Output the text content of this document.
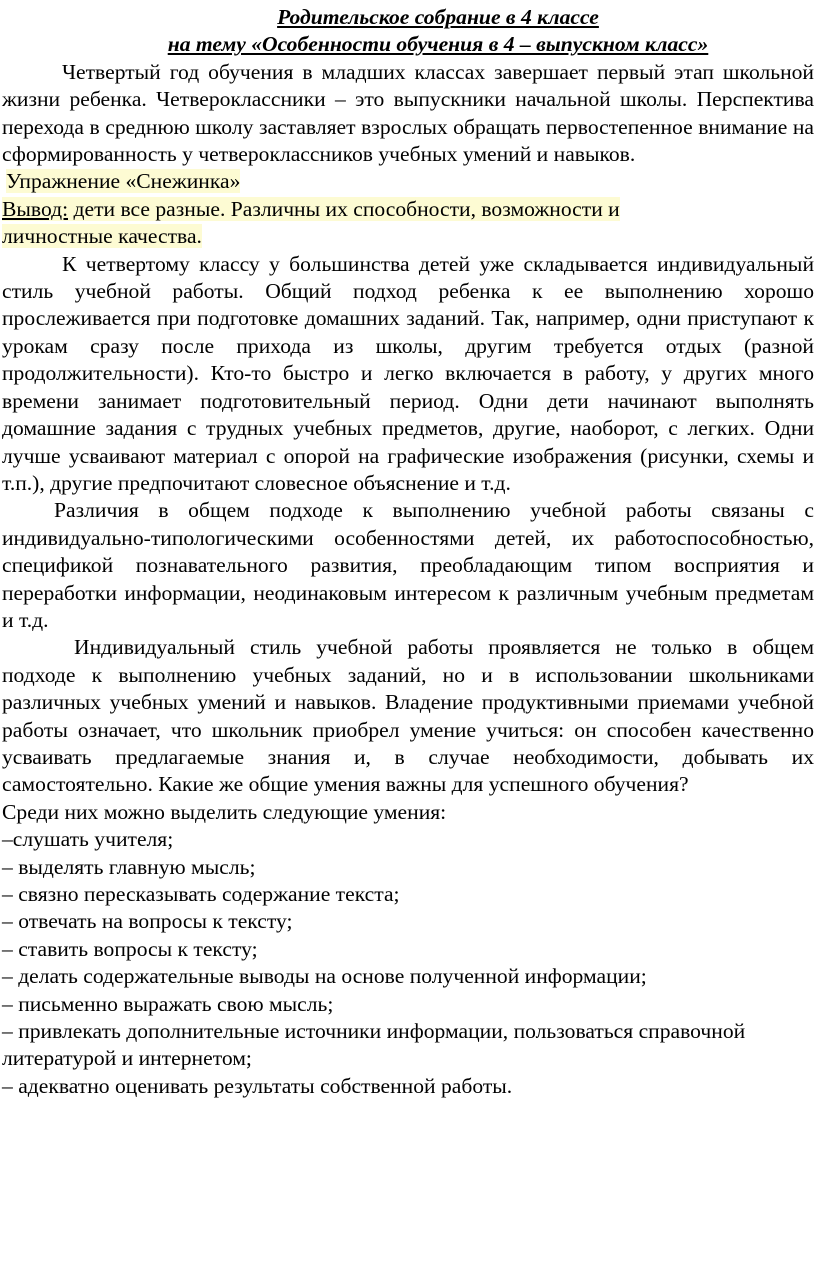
Родительское собрание в 4 классе
на тему «Особенности обучения в 4 – выпускном класс»

Четвертый год обучения в младших классах завершает первый этап школьной жизни ребенка. Четвероклассники – это выпускники начальной школы. Перспектива перехода в среднюю школу заставляет взрослых обращать первостепенное внимание на сформированность у четвероклассников учебных умений и навыков.

Упражнение «Снежинка»
Вывод: дети все разные. Различны их способности, возможности и
личностные качества.

К четвертому классу у большинства детей уже складывается индивидуальный стиль учебной работы. Общий подход ребенка к ее выполнению хорошо прослеживается при подготовке домашних заданий. Так, например, одни приступают к урокам сразу после прихода из школы, другим требуется отдых (разной продолжительности). Кто-то быстро и легко включается в работу, у других много времени занимает подготовительный период. Одни дети начинают выполнять домашние задания с трудных учебных предметов, другие, наоборот, с легких. Одни лучше усваивают материал с опорой на графические изображения (рисунки, схемы и т.п.), другие предпочитают словесное объяснение и т.д.

Различия в общем подходе к выполнению учебной работы связаны с индивидуально-типологическими особенностями детей, их работоспособностью, спецификой познавательного развития, преобладающим типом восприятия и переработки информации, неодинаковым интересом к различным учебным предметам и т.д.

Индивидуальный стиль учебной работы проявляется не только в общем подходе к выполнению учебных заданий, но и в использовании школьниками различных учебных умений и навыков. Владение продуктивными приемами учебной работы означает, что школьник приобрел умение учиться: он способен качественно усваивать предлагаемые знания и, в случае необходимости, добывать их самостоятельно. Какие же общие умения важны для успешного обучения?

Среди них можно выделить следующие умения:
–слушать учителя;
– выделять главную мысль;
– связно пересказывать содержание текста;
– отвечать на вопросы к тексту;
– ставить вопросы к тексту;
– делать содержательные выводы на основе полученной информации;
– письменно выражать свою мысль;
– привлекать дополнительные источники информации, пользоваться справочной литературой и интернетом;
– адекватно оценивать результаты собственной работы.
